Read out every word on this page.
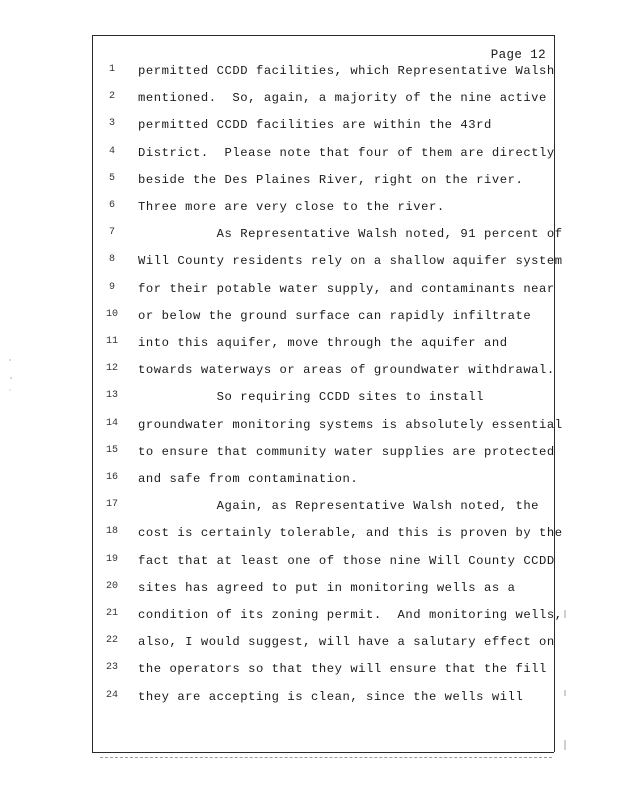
Page 12
1	permitted CCDD facilities, which Representative Walsh
2	mentioned.  So, again, a majority of the nine active
3	permitted CCDD facilities are within the 43rd
4	District.  Please note that four of them are directly
5	beside the Des Plaines River, right on the river.
6	Three more are very close to the river.
7	As Representative Walsh noted, 91 percent of
8	Will County residents rely on a shallow aquifer system
9	for their potable water supply, and contaminants near
10	or below the ground surface can rapidly infiltrate
11	into this aquifer, move through the aquifer and
12	towards waterways or areas of groundwater withdrawal.
13	So requiring CCDD sites to install
14	groundwater monitoring systems is absolutely essential
15	to ensure that community water supplies are protected
16	and safe from contamination.
17	Again, as Representative Walsh noted, the
18	cost is certainly tolerable, and this is proven by the
19	fact that at least one of those nine Will County CCDD
20	sites has agreed to put in monitoring wells as a
21	condition of its zoning permit.  And monitoring wells,
22	also, I would suggest, will have a salutary effect on
23	the operators so that they will ensure that the fill
24	they are accepting is clean, since the wells will
